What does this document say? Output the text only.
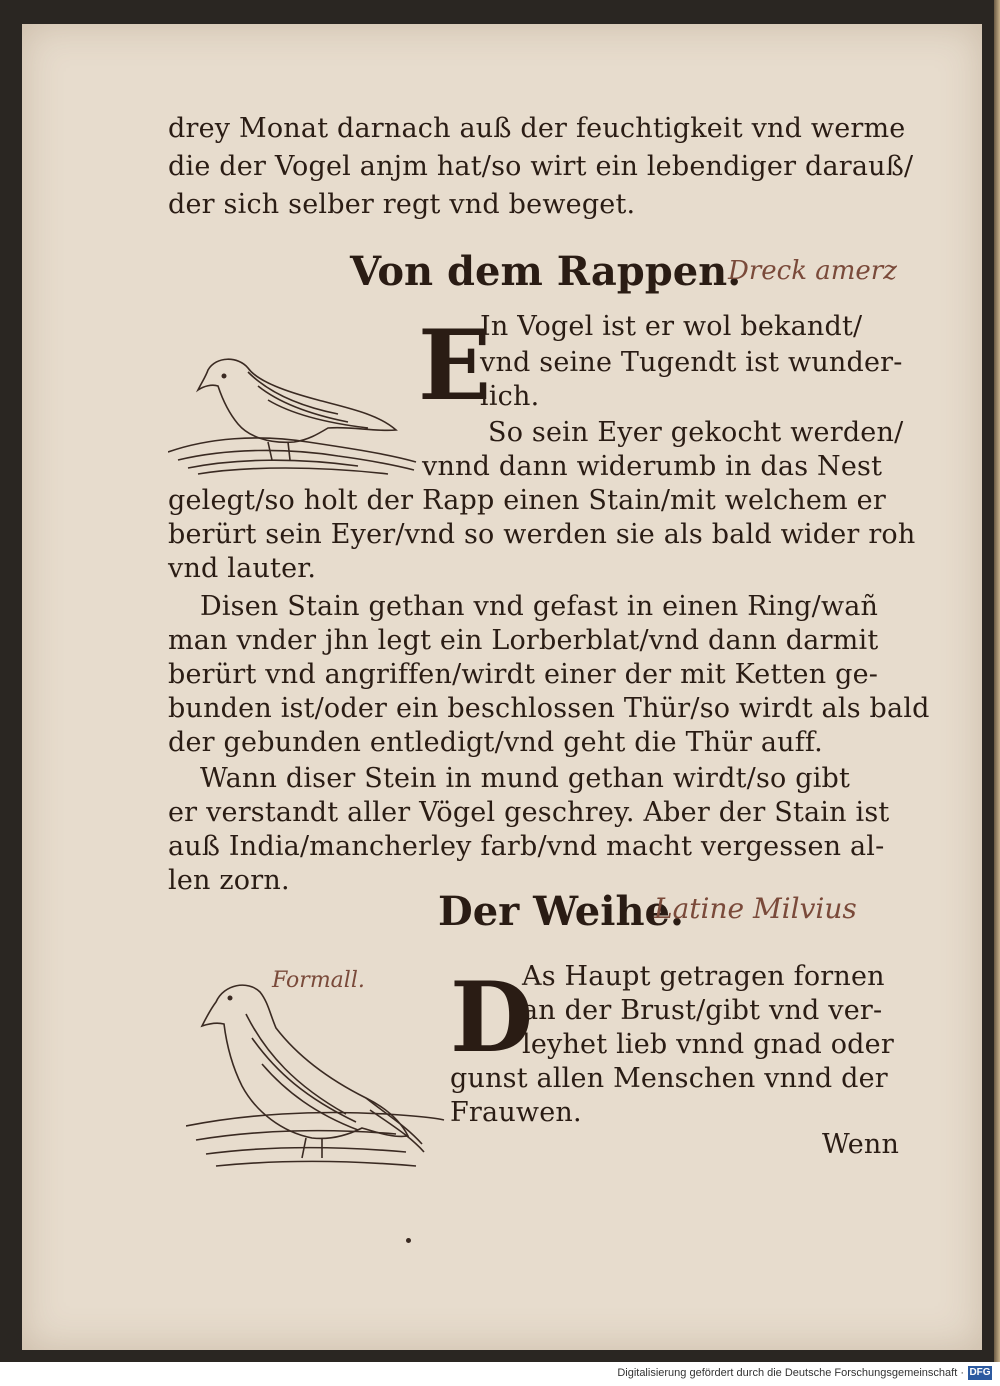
drey Monat darnach auß der feuchtigkeit vnd werme
die der Vogel anjm hat/so wirt ein lebendiger darauß/
der sich selber regt vnd beweget.
Von dem Rappen.
Dreck amerz
E
In Vogel ist er wol bekandt/
vnd seine Tugendt ist wunder-
lich.
So sein Eyer gekocht werden/
vnnd dann widerumb in das Nest
gelegt/so holt der Rapp einen Stain/mit welchem er
berürt sein Eyer/vnd so werden sie als bald wider roh
vnd lauter.
Disen Stain gethan vnd gefast in einen Ring/wañ
man vnder jhn legt ein Lorberblat/vnd dann darmit
berürt vnd angriffen/wirdt einer der mit Ketten ge-
bunden ist/oder ein beschlossen Thür/so wirdt als bald
der gebunden entledigt/vnd geht die Thür auff.
Wann diser Stein in mund gethan wirdt/so gibt
er verstandt aller Vögel geschrey. Aber der Stain ist
auß India/mancherley farb/vnd macht vergessen al-
len zorn.
Der Weihe.
Latine Milvius
Formall. D
As Haupt getragen fornen
an der Brust/gibt vnd ver-
leyhet lieb vnnd gnad oder
gunst allen Menschen vnnd der
Frauwen.
Wenn
Digitalisierung gefördert durch die Deutsche Forschungsgemeinschaft · DFG
